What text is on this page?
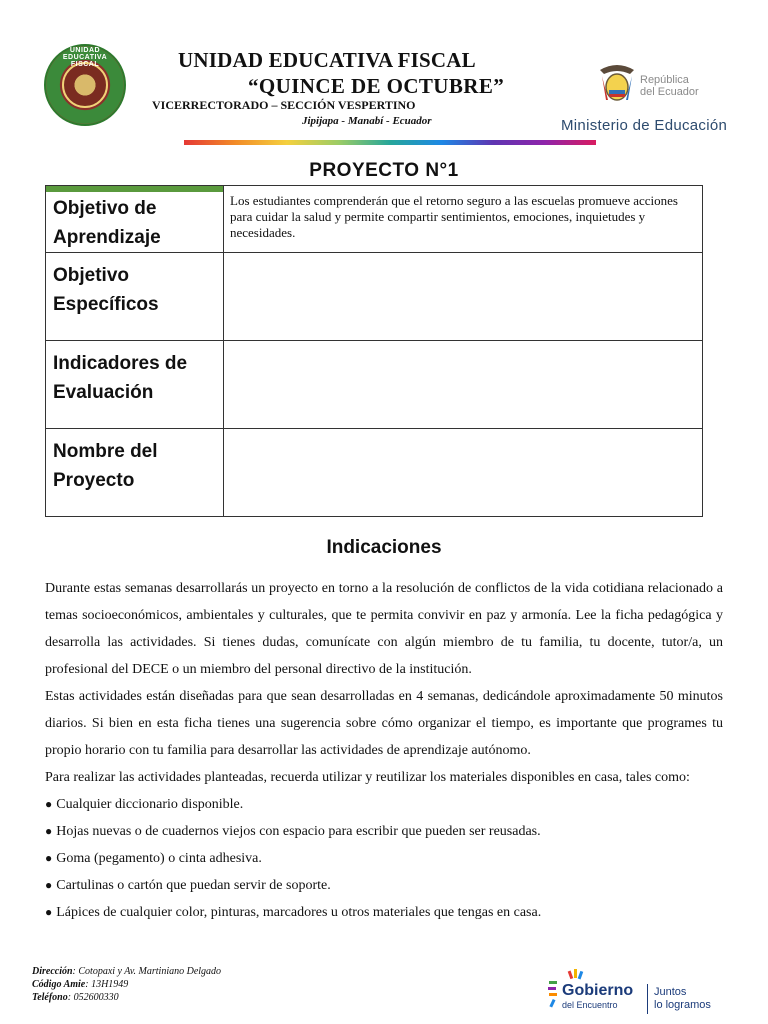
UNIDAD EDUCATIVA FISCAL	UNIDAD EDUCATIVA FISCAL
“QUINCE DE OCTUBRE”
VICERRECTORADO – SECCIÓN VESPERTINO
Jipijapa - Manabí - Ecuador
República
del Ecuador
Ministerio de Educación
PROYECTO N°1
Objetivo de Aprendizaje	Los estudiantes comprenderán que el retorno seguro a las escuelas promueve acciones para cuidar la salud y permite compartir sentimientos, emociones, inquietudes y necesidades.
Objetivo Específicos	
Indicadores de Evaluación	
Nombre del Proyecto	
Indicaciones

Durante estas semanas desarrollarás un proyecto en torno a la resolución de conflictos de la vida cotidiana relacionado a temas socioeconómicos, ambientales y culturales, que te permita convivir en paz y armonía. Lee la ficha pedagógica y desarrolla las actividades. Si tienes dudas, comunícate con algún miembro de tu familia, tu docente, tutor/a, un profesional del DECE o un miembro del personal directivo de la institución.

Estas actividades están diseñadas para que sean desarrolladas en 4 semanas, dedicándole aproximadamente 50 minutos diarios. Si bien en esta ficha tienes una sugerencia sobre cómo organizar el tiempo, es importante que programes tu propio horario con tu familia para desarrollar las actividades de aprendizaje autónomo.

Para realizar las actividades planteadas, recuerda utilizar y reutilizar los materiales disponibles en casa, tales como:

● Cualquier diccionario disponible.
● Hojas nuevas o de cuadernos viejos con espacio para escribir que pueden ser reusadas.
● Goma (pegamento) o cinta adhesiva.
● Cartulinas o cartón que puedan servir de soporte.
● Lápices de cualquier color, pinturas, marcadores u otros materiales que tengas en casa.
Dirección: Cotopaxi y Av. Martiniano Delgado
Código Amie: 13H1949
Teléfono: 052600330	Gobierno
del Encuentro
Juntos
lo logramos
